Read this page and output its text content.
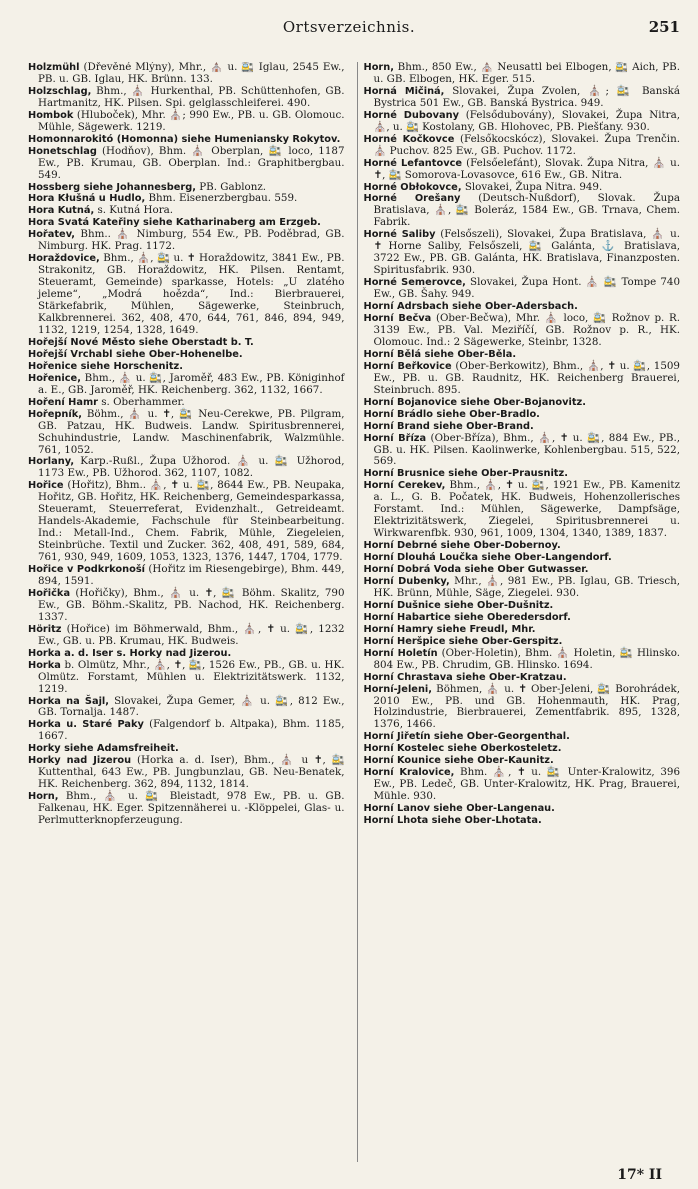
Ortsverzeichnis.	251

Holzmühl (Dřevěné Mlýny), Mhr., ⛪ u. 🚉 Iglau, 2545 Ew., PB. u. GB. Iglau, HK. Brünn. 133.

Holzschlag, Bhm., ⛪ Hurkenthal, PB. Schüttenhofen, GB. Hartmanitz, HK. Pilsen. Spi. gelglasschleiferei. 490.

Hombok (Hluboček), Mhr. ⛪; 990 Ew., PB. u. GB. Olomouc. Mühle, Sägewerk. 1219.

Homonnarokitó (Homonna) siehe Humeniansky Rokytov.

Honetschlag (Hodňov), Bhm. ⛪ Oberplan, 🚉 loco, 1187 Ew., PB. Krumau, GB. Oberplan. Ind.: Graphitbergbau. 549.

Hossberg siehe Johannesberg, PB. Gablonz.

Hora Kłušná u Hudlo, Bhm. Eisenerzbergbau. 559.

Hora Kutná, s. Kutná Hora.

Hora Svatá Kateřiny siehe Katharinaberg am Erzgeb.

Hořatev, Bhm.. ⛪ Nimburg, 554 Ew., PB. Poděbrad, GB. Nimburg. HK. Prag. 1172.

Horaždovice, Bhm., ⛪, 🚉 u. ✝ Horaždowitz, 3841 Ew., PB. Strakonitz, GB. Horaždowitz, HK. Pilsen. Rentamt, Steueramt, Gemeinde) sparkasse, Hotels: „U zlatého jeleme“, „Modrá hoězda“, Ind.: Bierbrauerei, Stärkefabrik, Mühlen, Sägewerke, Steinbruch, Kalkbrennerei. 362, 408, 470, 644, 761, 846, 894, 949, 1132, 1219, 1254, 1328, 1649.

Hořejší Nové Město siehe Oberstadt b. T.

Hořejší Vrchabl siehe Ober-Hohenelbe.

Hořenice siehe Horschenitz.

Hořenice, Bhm., ⛪ u. 🚉, Jaroměř, 483 Ew., PB. Königinhof a. E., GB. Jaroměř, HK. Reichenberg. 362, 1132, 1667.

Hoření Hamr s. Oberhammer.

Hořepník, Böhm., ⛪ u. ✝, 🚉 Neu-Cerekwe, PB. Pilgram, GB. Patzau, HK. Budweis. Landw. Spiritusbrennerei, Schuhindustrie, Landw. Maschinenfabrik, Walzmühle. 761, 1052.

Horlany, Karp.-Rußl., Župa Užhorod. ⛪ u. 🚉 Užhorod, 1173 Ew., PB. Užhorod. 362, 1107, 1082.

Hořice (Hořitz), Bhm.. ⛪, ✝ u. 🚉, 8644 Ew., PB. Neupaka, Hořitz, GB. Hořitz, HK. Reichenberg, Gemeindesparkassa, Steueramt, Steuerreferat, Evidenzhalt., Getreideamt. Handels-Akademie, Fachschule für Steinbearbeitung. Ind.: Metall-Ind., Chem. Fabrik, Mühle, Ziegeleien, Steinbrüche. Textil und Zucker. 362, 408, 491, 589, 684, 761, 930, 949, 1609, 1053, 1323, 1376, 1447, 1704, 1779.

Hořice v Podkrkonoší (Hořitz im Riesengebirge), Bhm. 449, 894, 1591.

Hořička (Hořičky), Bhm., ⛪ u. ✝, 🚉 Böhm. Skalitz, 790 Ew., GB. Böhm.-Skalitz, PB. Nachod, HK. Reichenberg. 1337.

Höritz (Hořice) im Böhmerwald, Bhm., ⛪, ✝ u. 🚉, 1232 Ew., GB. u. PB. Krumau, HK. Budweis.

Horka a. d. Iser s. Horky nad Jizerou.

Horka b. Olmütz, Mhr., ⛪, ✝, 🚉, 1526 Ew., PB., GB. u. HK. Olmütz. Forstamt, Mühlen u. Elektrizitätswerk. 1132, 1219.

Horka na Šajl, Slovakei, Župa Gemer, ⛪ u. 🚉, 812 Ew., GB. Tornalja. 1487.

Horka u. Staré Paky (Falgendorf b. Altpaka), Bhm. 1185, 1667.

Horky siehe Adamsfreiheit.

Horky nad Jizerou (Horka a. d. Iser), Bhm., ⛪ u ✝, 🚉 Kuttenthal, 643 Ew., PB. Jungbunzlau, GB. Neu-Benatek, HK. Reichenberg. 362, 894, 1132, 1814.

Horn, Bhm., ⛪ u. 🚉 Bleistadt, 978 Ew., PB. u. GB. Falkenau, HK. Eger. Spitzennäherei u. -Klöppelei, Glas- u. Perlmutterknopferzeugung.

Horn, Bhm., 850 Ew., ⛪ Neusattl bei Elbogen, 🚉 Aich, PB. u. GB. Elbogen, HK. Eger. 515.

Horná Mičiná, Slovakei, Župa Zvolen, ⛪; 🚉 Banská Bystrica 501 Ew., GB. Banská Bystrica. 949.

Horné Dubovany (Felsődubovány), Slovakei, Župa Nitra, ⛪, u. 🚉 Kostolany, GB. Hlohovec, PB. Piešťany. 930.

Horné Kočkovce (Felsőkocskócz), Slovakei. Župa Trenčin. ⛪ Puchov. 825 Ew., GB. Puchov. 1172.

Horné Lefantovce (Felsőelefánt), Slovak. Župa Nitra, ⛪ u. ✝, 🚉 Somorova-Lovasovce, 616 Ew., GB. Nitra.

Horné Obłokovce, Slovakei, Župa Nitra. 949.

Horné Orešany (Deutsch-Nußdorf), Slovak. Župa Bratislava, ⛪, 🚉 Boleráz, 1584 Ew., GB. Trnava, Chem. Fabrik.

Horné Saliby (Felsőszeli), Slovakei, Župa Bratislava, ⛪ u. ✝ Horne Saliby, Felsőszeli, 🚉 Galánta, ⚓ Bratislava, 3722 Ew., PB. GB. Galánta, HK. Bratislava, Finanzposten. Spiritusfabrik. 930.

Horné Semerovce, Slovakei, Župa Hont. ⛪ 🚉 Tompe 740 Ew., GB. Šahy. 949.

Horní Adrsbach siehe Ober-Adersbach.

Horní Bečva (Ober-Bečwa), Mhr. ⛪ loco, 🚉 Rožnov p. R. 3139 Ew., PB. Val. Meziříčí, GB. Rožnov p. R., HK. Olomouc. Ind.: 2 Sägewerke, Steinbr, 1328.

Horní Bělá siehe Ober-Běla.

Horní Beřkovice (Ober-Berkowitz), Bhm., ⛪, ✝ u. 🚉, 1509 Ew., PB. u. GB. Raudnitz, HK. Reichenberg Brauerei, Steinbruch. 895.

Horní Bojanovice siehe Ober-Bojanovitz.

Horní Brádlo siehe Ober-Bradlo.

Horní Brand siehe Ober-Brand.

Horní Bříza (Ober-Bříza), Bhm., ⛪, ✝ u. 🚉, 884 Ew., PB., GB. u. HK. Pilsen. Kaolinwerke, Kohlenbergbau. 515, 522, 569.

Horní Brusnice siehe Ober-Prausnitz.

Horní Cerekev, Bhm., ⛪, ✝ u. 🚉, 1921 Ew., PB. Kamenitz a. L., G. B. Počatek, HK. Budweis, Hohenzollerisches Forstamt. Ind.: Mühlen, Sägewerke, Dampfsäge, Elektrizitätswerk, Ziegelei, Spiritusbrennerei u. Wirkwarenfbk. 930, 961, 1009, 1304, 1340, 1389, 1837.

Horní Debrné siehe Ober-Dobernoy.

Horní Dlouhá Loučka siehe Ober-Langendorf.

Horní Dobrá Voda siehe Ober Gutwasser.

Horní Dubenky, Mhr., ⛪, 981 Ew., PB. Iglau, GB. Triesch, HK. Brünn, Mühle, Säge, Ziegelei. 930.

Horní Dušnice siehe Ober-Dušnitz.

Horní Habartice siehe Oberedersdorf.

Horní Hamry siehe Freudl, Mhr.

Horní Heršpice siehe Ober-Gerspitz.

Horní Holetín (Ober-Holetin), Bhm. ⛪ Holetin, 🚉 Hlinsko. 804 Ew., PB. Chrudim, GB. Hlinsko. 1694.

Horní Chrastava siehe Ober-Kratzau.

Horní-Jeleni, Böhmen, ⛪ u. ✝ Ober-Jeleni, 🚉 Borohrádek, 2010 Ew., PB. und GB. Hohenmauth, HK. Prag, Holzindustrie, Bierbrauerei, Zementfabrik. 895, 1328, 1376, 1466.

Horní Jiřetín siehe Ober-Georgenthal.

Horní Kostelec siehe Oberkosteletz.

Horní Kounice siehe Ober-Kaunitz.

Horní Kralovice, Bhm. ⛪, ✝ u. 🚉 Unter-Kralowitz, 396 Ew., PB. Ledeč, GB. Unter-Kralowitz, HK. Prag, Brauerei, Mühle. 930.

Horní Lanov siehe Ober-Langenau.

Horní Lhota siehe Ober-Lhotata.

17* II
